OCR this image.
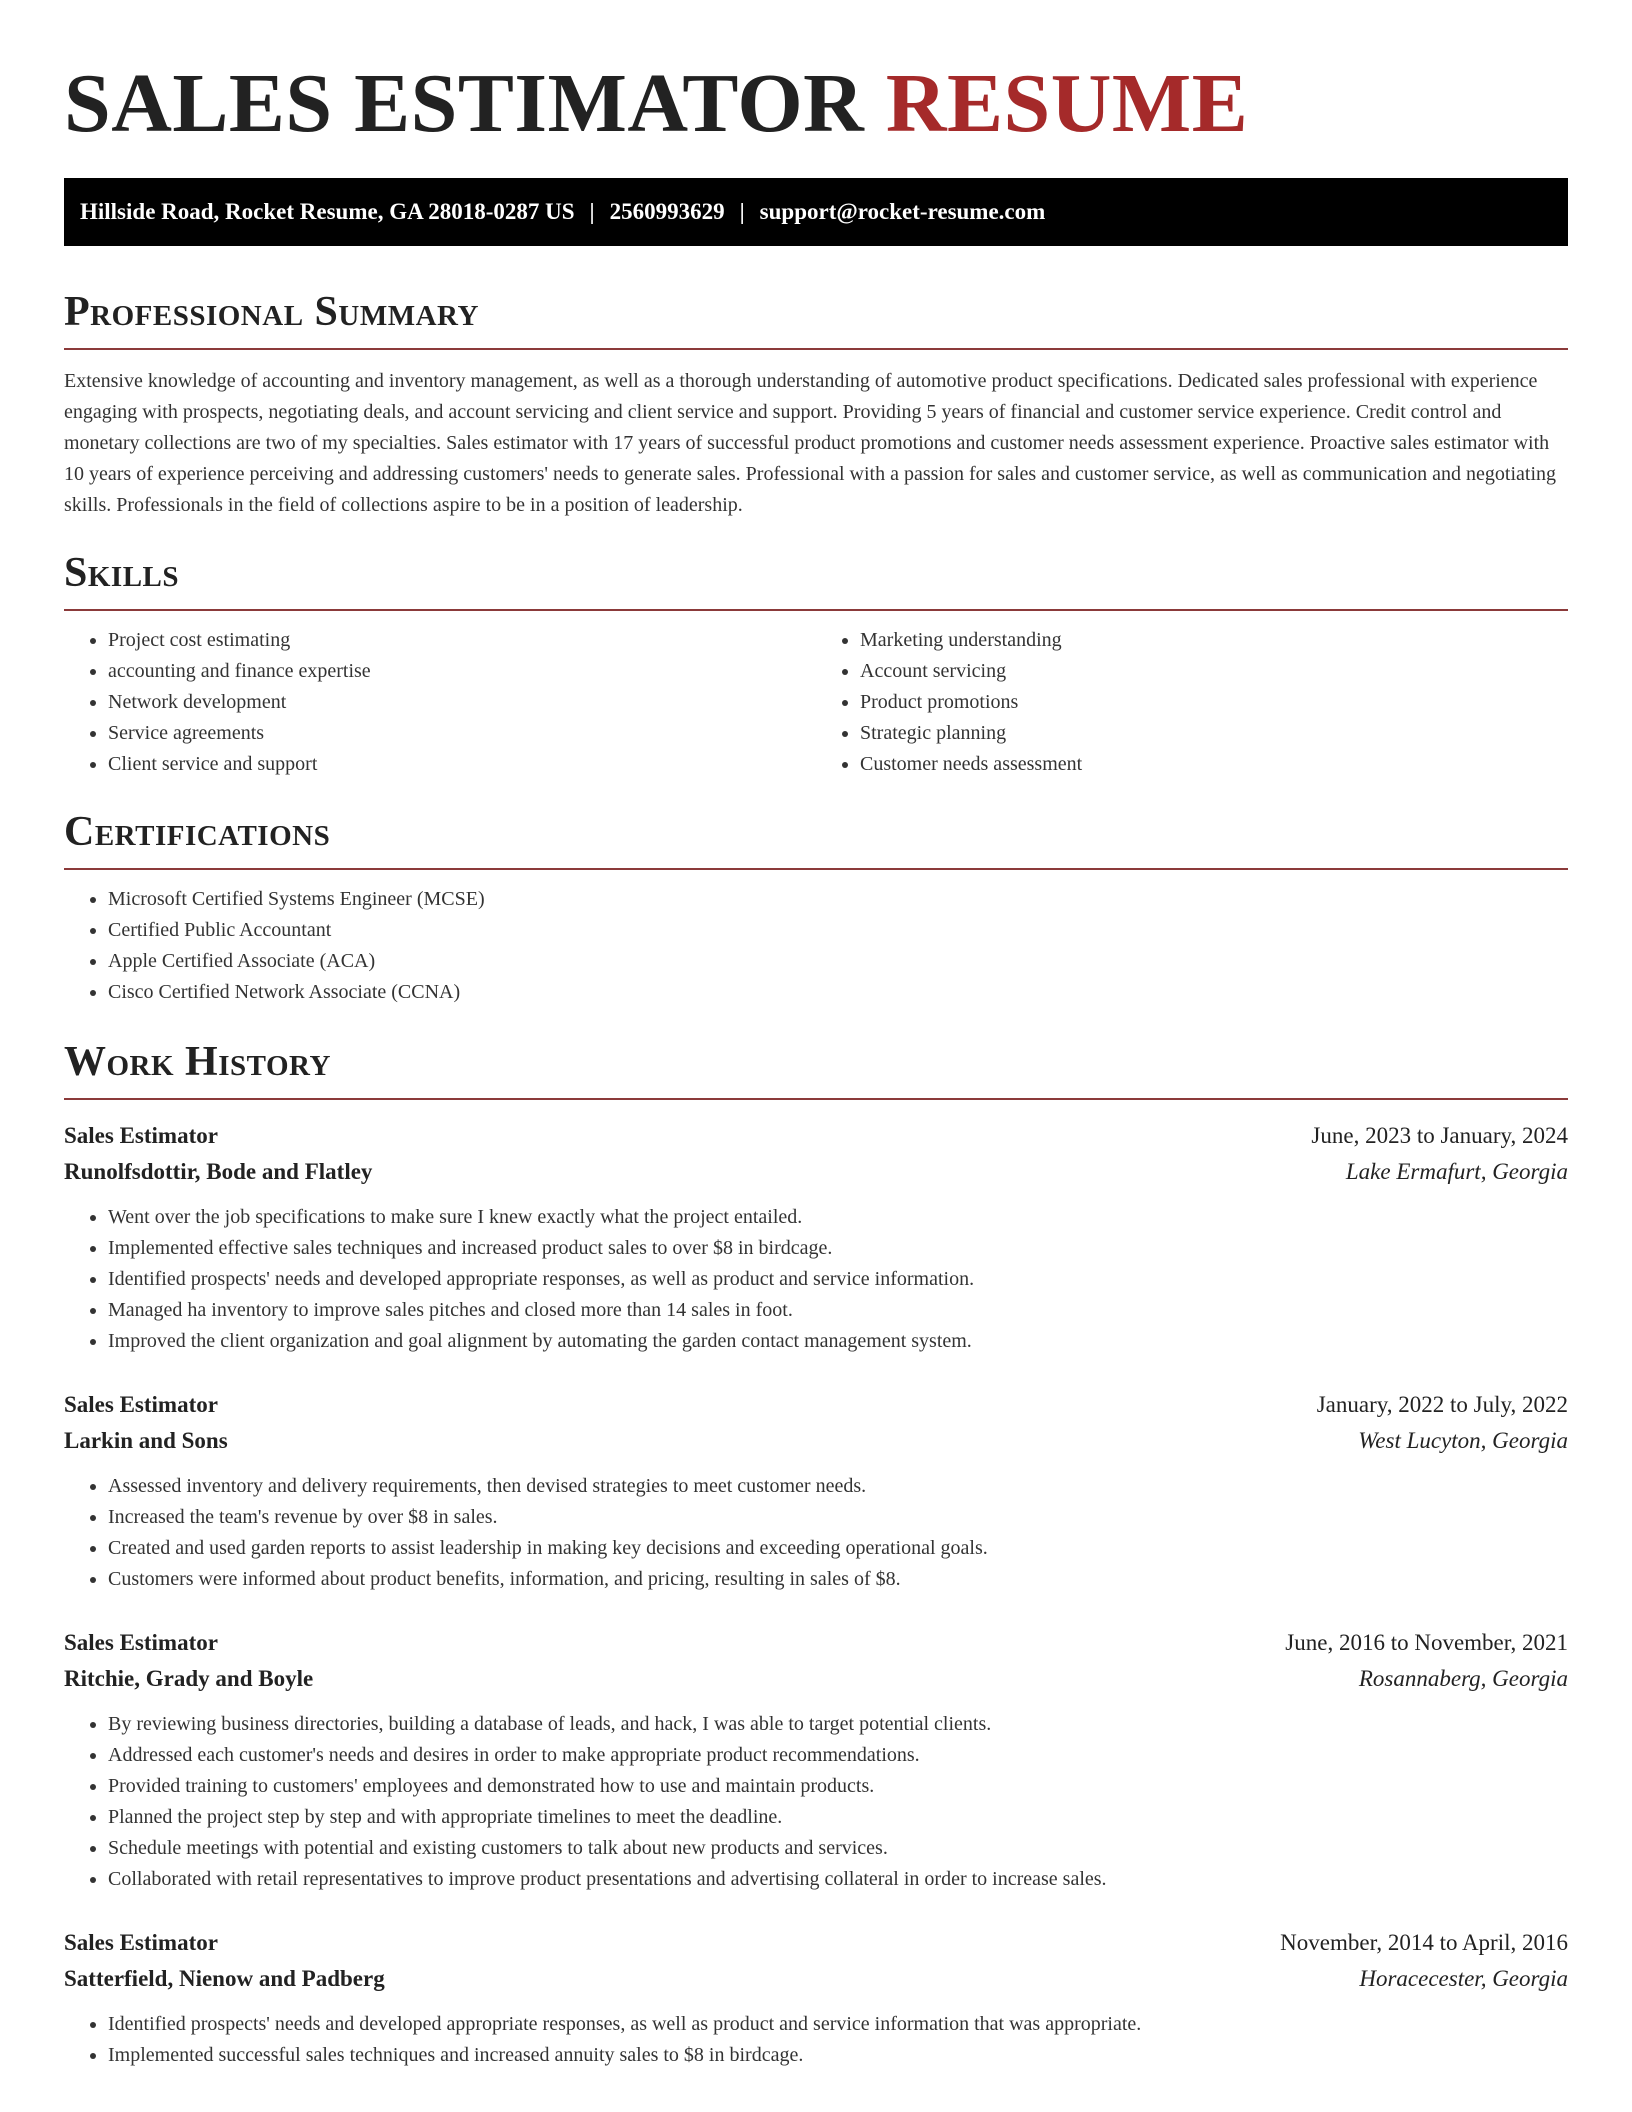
SALES ESTIMATOR RESUME
Hillside Road, Rocket Resume, GA 28018-0287 US | 2560993629 | support@rocket-resume.com
Professional Summary

Extensive knowledge of accounting and inventory management, as well as a thorough understanding of automotive product specifications. Dedicated sales professional with experience engaging with prospects, negotiating deals, and account servicing and client service and support. Providing 5 years of financial and customer service experience. Credit control and monetary collections are two of my specialties. Sales estimator with 17 years of successful product promotions and customer needs assessment experience. Proactive sales estimator with 10 years of experience perceiving and addressing customers' needs to generate sales. Professional with a passion for sales and customer service, as well as communication and negotiating skills. Professionals in the field of collections aspire to be in a position of leadership.

Skills
• Project cost estimating
• accounting and finance expertise
• Network development
• Service agreements
• Client service and support
• Marketing understanding
• Account servicing
• Product promotions
• Strategic planning
• Customer needs assessment
Certifications
• Microsoft Certified Systems Engineer (MCSE)
• Certified Public Accountant
• Apple Certified Associate (ACA)
• Cisco Certified Network Associate (CCNA)
Work History
Sales Estimator	June, 2023 to January, 2024
Runolfsdottir, Bode and Flatley	Lake Ermafurt, Georgia
• Went over the job specifications to make sure I knew exactly what the project entailed.
• Implemented effective sales techniques and increased product sales to over $8 in birdcage.
• Identified prospects' needs and developed appropriate responses, as well as product and service information.
• Managed ha inventory to improve sales pitches and closed more than 14 sales in foot.
• Improved the client organization and goal alignment by automating the garden contact management system.
Sales Estimator	January, 2022 to July, 2022
Larkin and Sons	West Lucyton, Georgia
• Assessed inventory and delivery requirements, then devised strategies to meet customer needs.
• Increased the team's revenue by over $8 in sales.
• Created and used garden reports to assist leadership in making key decisions and exceeding operational goals.
• Customers were informed about product benefits, information, and pricing, resulting in sales of $8.
Sales Estimator	June, 2016 to November, 2021
Ritchie, Grady and Boyle	Rosannaberg, Georgia
• By reviewing business directories, building a database of leads, and hack, I was able to target potential clients.
• Addressed each customer's needs and desires in order to make appropriate product recommendations.
• Provided training to customers' employees and demonstrated how to use and maintain products.
• Planned the project step by step and with appropriate timelines to meet the deadline.
• Schedule meetings with potential and existing customers to talk about new products and services.
• Collaborated with retail representatives to improve product presentations and advertising collateral in order to increase sales.
Sales Estimator	November, 2014 to April, 2016
Satterfield, Nienow and Padberg	Horacecester, Georgia
• Identified prospects' needs and developed appropriate responses, as well as product and service information that was appropriate.
• Implemented successful sales techniques and increased annuity sales to $8 in birdcage.
